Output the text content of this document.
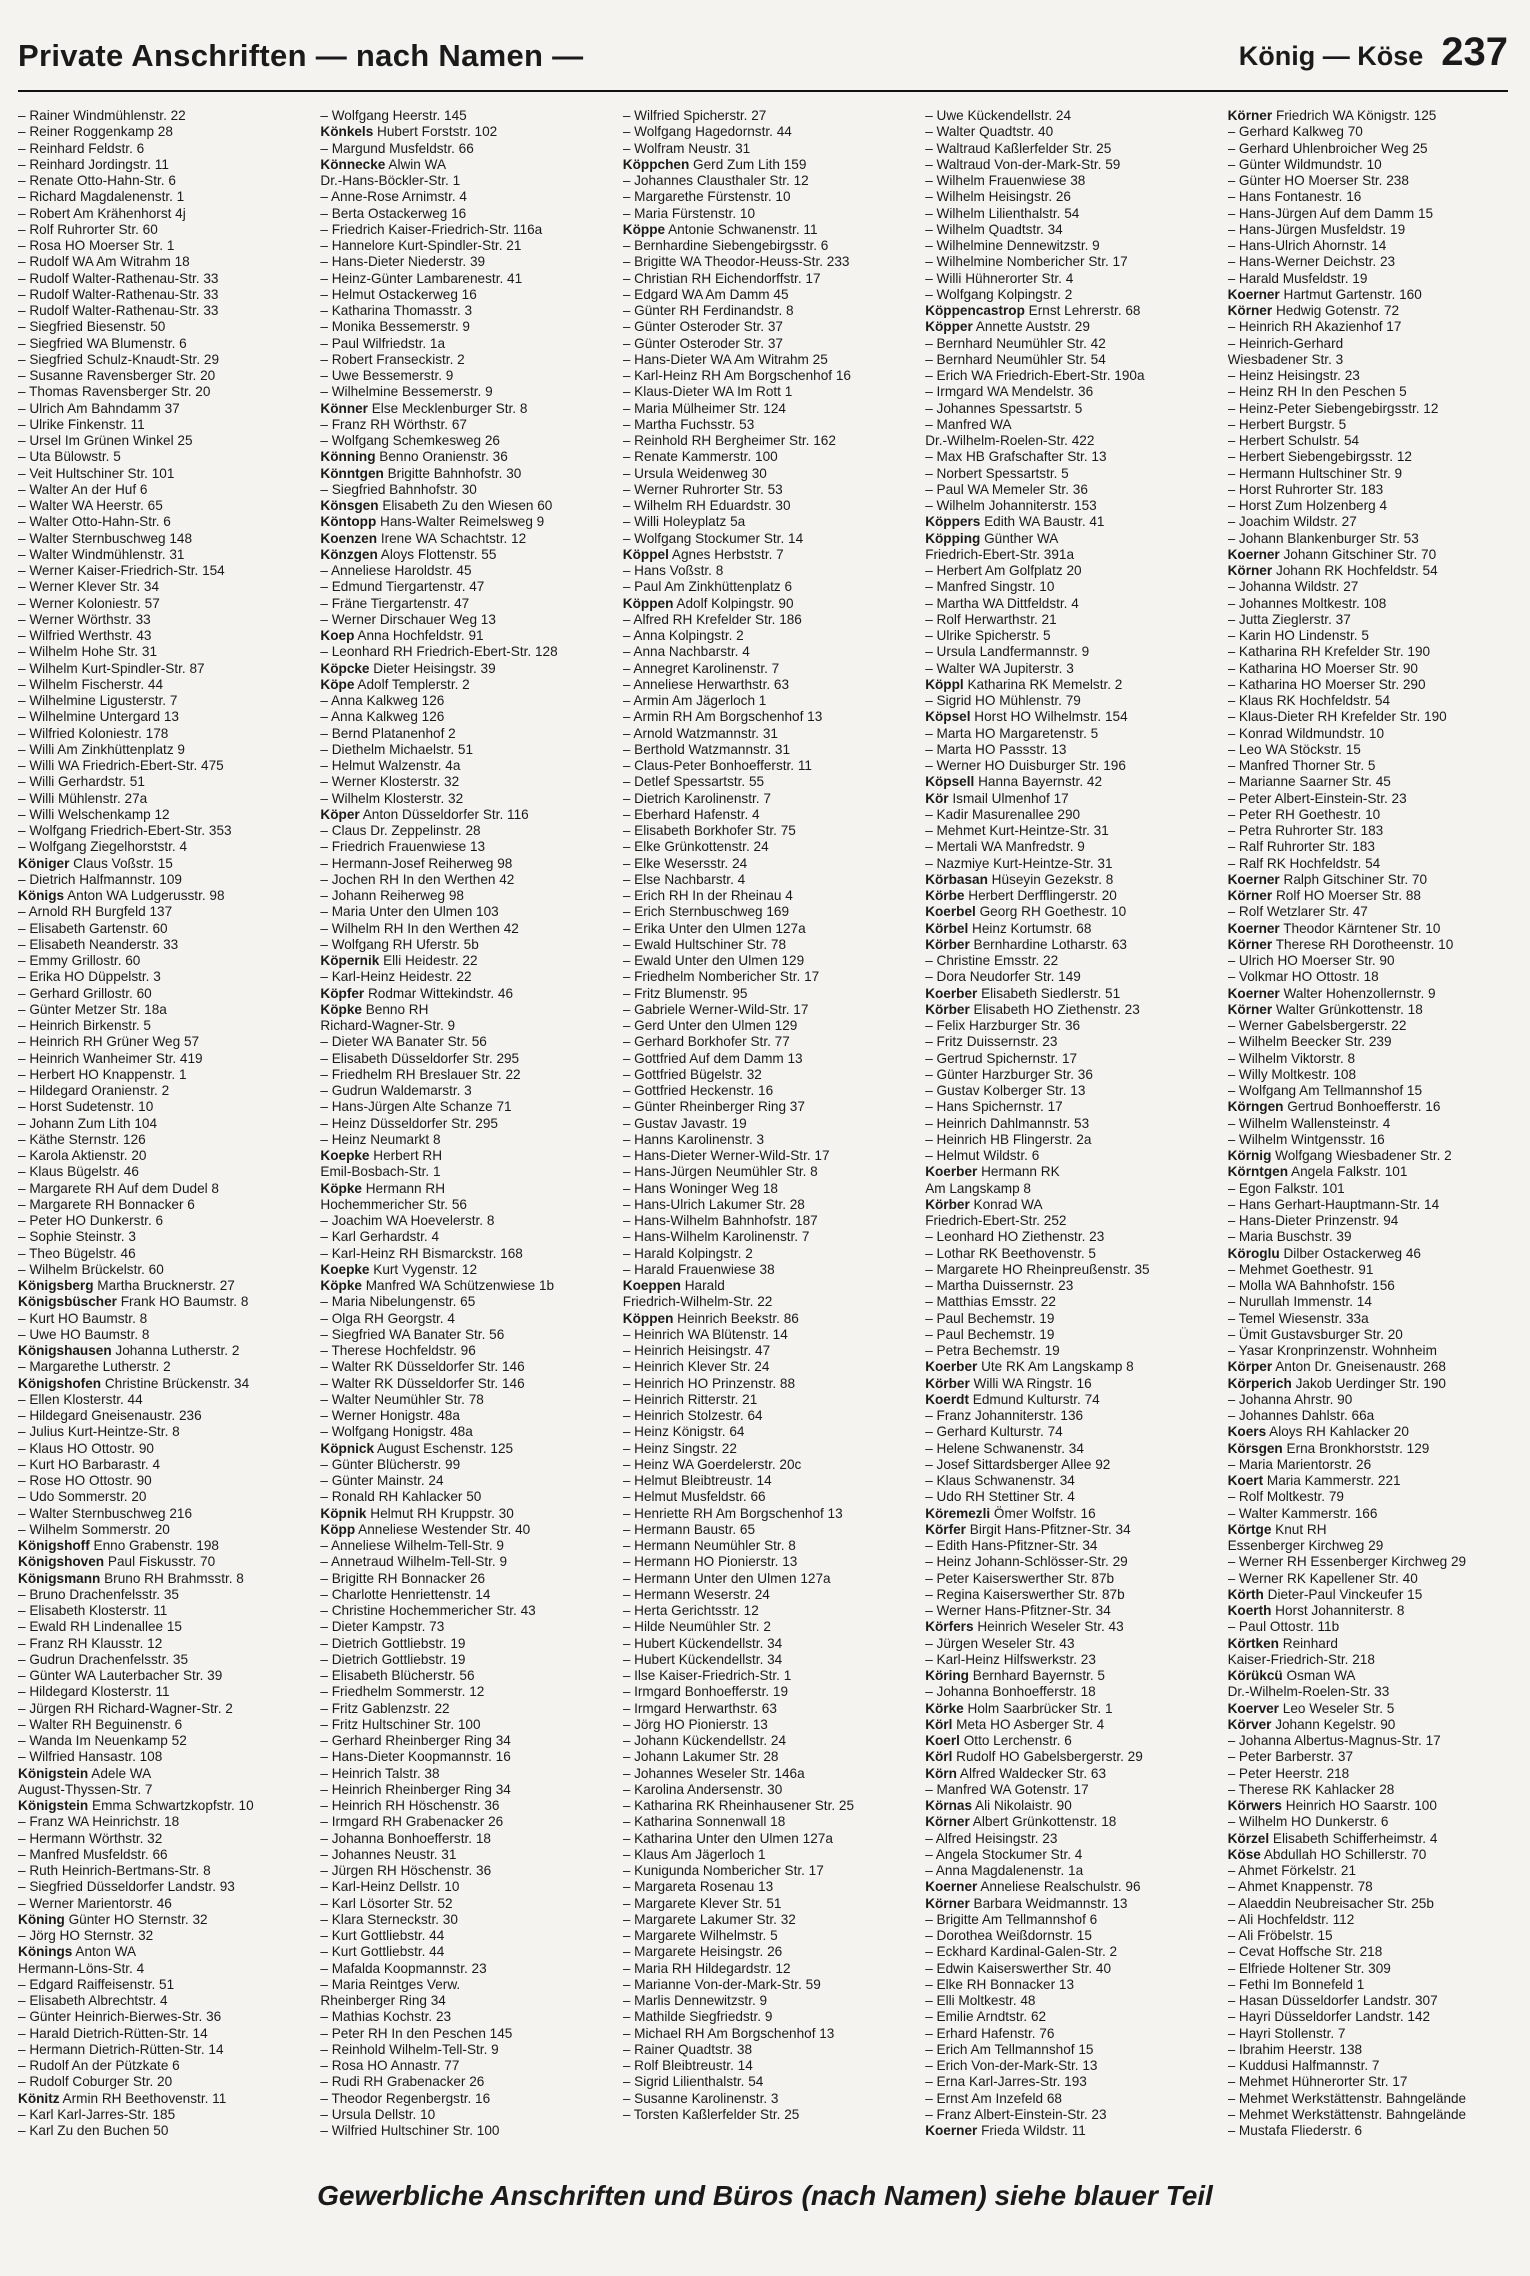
Private Anschriften — nach Namen —	König — Köse 237
– Rainer Windmühlenstr. 22
– Reiner Roggenkamp 28
– Reinhard Feldstr. 6
– Reinhard Jordingstr. 11
– Renate Otto-Hahn-Str. 6
– Richard Magdalenenstr. 1
– Robert Am Krähenhorst 4j
– Rolf Ruhrorter Str. 60
– Rosa HO Moerser Str. 1
– Rudolf WA Am Witrahm 18
– Rudolf Walter-Rathenau-Str. 33
– Rudolf Walter-Rathenau-Str. 33
– Rudolf Walter-Rathenau-Str. 33
– Siegfried Biesenstr. 50
– Siegfried WA Blumenstr. 6
– Siegfried Schulz-Knaudt-Str. 29
– Susanne Ravensberger Str. 20
– Thomas Ravensberger Str. 20
– Ulrich Am Bahndamm 37
– Ulrike Finkenstr. 11
– Ursel Im Grünen Winkel 25
– Uta Bülowstr. 5
– Veit Hultschiner Str. 101
– Walter An der Huf 6
– Walter WA Heerstr. 65
– Walter Otto-Hahn-Str. 6
– Walter Sternbuschweg 148
– Walter Windmühlenstr. 31
– Werner Kaiser-Friedrich-Str. 154
– Werner Klever Str. 34
– Werner Koloniestr. 57
– Werner Wörthstr. 33
– Wilfried Werthstr. 43
– Wilhelm Hohe Str. 31
– Wilhelm Kurt-Spindler-Str. 87
– Wilhelm Fischerstr. 44
– Wilhelmine Ligusterstr. 7
– Wilhelmine Untergard 13
– Wilfried Koloniestr. 178
– Willi Am Zinkhüttenplatz 9
– Willi WA Friedrich-Ebert-Str. 475
– Willi Gerhardstr. 51
– Willi Mühlenstr. 27a
– Willi Welschenkamp 12
– Wolfgang Friedrich-Ebert-Str. 353
– Wolfgang Ziegelhorststr. 4
Königer Claus Voßstr. 15
– Dietrich Halfmannstr. 109
Königs Anton WA Ludgerusstr. 98
– Arnold RH Burgfeld 137
– Elisabeth Gartenstr. 60
– Elisabeth Neanderstr. 33
– Emmy Grillostr. 60
– Erika HO Düppelstr. 3
– Gerhard Grillostr. 60
– Günter Metzer Str. 18a
– Heinrich Birkenstr. 5
– Heinrich RH Grüner Weg 57
– Heinrich Wanheimer Str. 419
– Herbert HO Knappenstr. 1
– Hildegard Oranienstr. 2
– Horst Sudetenstr. 10
– Johann Zum Lith 104
– Käthe Sternstr. 126
– Karola Aktienstr. 20
– Klaus Bügelstr. 46
– Margarete RH Auf dem Dudel 8
– Margarete RH Bonnacker 6
– Peter HO Dunkerstr. 6
– Sophie Steinstr. 3
– Theo Bügelstr. 46
– Wilhelm Brückelstr. 60
Königsberg Martha Brucknerstr. 27
Königsbüscher Frank HO Baumstr. 8
– Kurt HO Baumstr. 8
– Uwe HO Baumstr. 8
Königshausen Johanna Lutherstr. 2
– Margarethe Lutherstr. 2
Königshofen Christine Brückenstr. 34
– Ellen Klosterstr. 44
– Hildegard Gneisenaustr. 236
– Julius Kurt-Heintze-Str. 8
– Klaus HO Ottostr. 90
– Kurt HO Barbarastr. 4
– Rose HO Ottostr. 90
– Udo Sommerstr. 20
– Walter Sternbuschweg 216
– Wilhelm Sommerstr. 20
Königshoff Enno Grabenstr. 198
Königshoven Paul Fiskusstr. 70
Königsmann Bruno RH Brahmsstr. 8
– Bruno Drachenfelsstr. 35
– Elisabeth Klosterstr. 11
– Ewald RH Lindenallee 15
– Franz RH Klausstr. 12
– Gudrun Drachenfelsstr. 35
– Günter WA Lauterbacher Str. 39
– Hildegard Klosterstr. 11
– Jürgen RH Richard-Wagner-Str. 2
– Walter RH Beguinenstr. 6
– Wanda Im Neuenkamp 52
– Wilfried Hansastr. 108
Königstein Adele WA
August-Thyssen-Str. 7
Königstein Emma Schwartzkopfstr. 10
– Franz WA Heinrichstr. 18
– Hermann Wörthstr. 32
– Manfred Musfeldstr. 66
– Ruth Heinrich-Bertmans-Str. 8
– Siegfried Düsseldorfer Landstr. 93
– Werner Marientorstr. 46
Köning Günter HO Sternstr. 32
– Jörg HO Sternstr. 32
Könings Anton WA
Hermann-Löns-Str. 4
– Edgard Raiffeisenstr. 51
– Elisabeth Albrechtstr. 4
– Günter Heinrich-Bierwes-Str. 36
– Harald Dietrich-Rütten-Str. 14
– Hermann Dietrich-Rütten-Str. 14
– Rudolf An der Pützkate 6
– Rudolf Coburger Str. 20
Könitz Armin RH Beethovenstr. 11
– Karl Karl-Jarres-Str. 185
– Karl Zu den Buchen 50
– Wolfgang Heerstr. 145
Könkels Hubert Forststr. 102
– Margund Musfeldstr. 66
Könnecke Alwin WA
Dr.-Hans-Böckler-Str. 1
– Anne-Rose Arnimstr. 4
– Berta Ostackerweg 16
– Friedrich Kaiser-Friedrich-Str. 116a
– Hannelore Kurt-Spindler-Str. 21
– Hans-Dieter Niederstr. 39
– Heinz-Günter Lambarenestr. 41
– Helmut Ostackerweg 16
– Katharina Thomasstr. 3
– Monika Bessemerstr. 9
– Paul Wilfriedstr. 1a
– Robert Franseckistr. 2
– Uwe Bessemerstr. 9
– Wilhelmine Bessemerstr. 9
Könner Else Mecklenburger Str. 8
– Franz RH Wörthstr. 67
– Wolfgang Schemkesweg 26
Könning Benno Oranienstr. 36
Könntgen Brigitte Bahnhofstr. 30
– Siegfried Bahnhofstr. 30
Könsgen Elisabeth Zu den Wiesen 60
Köntopp Hans-Walter Reimelsweg 9
Koenzen Irene WA Schachtstr. 12
Könzgen Aloys Flottenstr. 55
– Anneliese Haroldstr. 45
– Edmund Tiergartenstr. 47
– Fräne Tiergartenstr. 47
– Werner Dirschauer Weg 13
Koep Anna Hochfeldstr. 91
– Leonhard RH Friedrich-Ebert-Str. 128
Köpcke Dieter Heisingstr. 39
Köpe Adolf Templerstr. 2
– Anna Kalkweg 126
– Anna Kalkweg 126
– Bernd Platanenhof 2
– Diethelm Michaelstr. 51
– Helmut Walzenstr. 4a
– Werner Klosterstr. 32
– Wilhelm Klosterstr. 32
Köper Anton Düsseldorfer Str. 116
– Claus Dr. Zeppelinstr. 28
– Friedrich Frauenwiese 13
– Hermann-Josef Reiherweg 98
– Jochen RH In den Werthen 42
– Johann Reiherweg 98
– Maria Unter den Ulmen 103
– Wilhelm RH In den Werthen 42
– Wolfgang RH Uferstr. 5b
Köpernik Elli Heidestr. 22
– Karl-Heinz Heidestr. 22
Köpfer Rodmar Wittekindstr. 46
Köpke Benno RH
Richard-Wagner-Str. 9
– Dieter WA Banater Str. 56
– Elisabeth Düsseldorfer Str. 295
– Friedhelm RH Breslauer Str. 22
– Gudrun Waldemarstr. 3
– Hans-Jürgen Alte Schanze 71
– Heinz Düsseldorfer Str. 295
– Heinz Neumarkt 8
Koepke Herbert RH
Emil-Bosbach-Str. 1
Köpke Hermann RH
Hochemmericher Str. 56
– Joachim WA Hoevelerstr. 8
– Karl Gerhardstr. 4
– Karl-Heinz RH Bismarckstr. 168
Koepke Kurt Vygenstr. 12
Köpke Manfred WA Schützenwiese 1b
– Maria Nibelungenstr. 65
– Olga RH Georgstr. 4
– Siegfried WA Banater Str. 56
– Therese Hochfeldstr. 96
– Walter RK Düsseldorfer Str. 146
– Walter RK Düsseldorfer Str. 146
– Walter Neumühler Str. 78
– Werner Honigstr. 48a
– Wolfgang Honigstr. 48a
Köpnick August Eschenstr. 125
– Günter Blücherstr. 99
– Günter Mainstr. 24
– Ronald RH Kahlacker 50
Köpnik Helmut RH Kruppstr. 30
Köpp Anneliese Westender Str. 40
– Anneliese Wilhelm-Tell-Str. 9
– Annetraud Wilhelm-Tell-Str. 9
– Brigitte RH Bonnacker 26
– Charlotte Henriettenstr. 14
– Christine Hochemmericher Str. 43
– Dieter Kampstr. 73
– Dietrich Gottliebstr. 19
– Dietrich Gottliebstr. 19
– Elisabeth Blücherstr. 56
– Friedhelm Sommerstr. 12
– Fritz Gablenzstr. 22
– Fritz Hultschiner Str. 100
– Gerhard Rheinberger Ring 34
– Hans-Dieter Koopmannstr. 16
– Heinrich Talstr. 38
– Heinrich Rheinberger Ring 34
– Heinrich RH Höschenstr. 36
– Irmgard RH Grabenacker 26
– Johanna Bonhoefferstr. 18
– Johannes Neustr. 31
– Jürgen RH Höschenstr. 36
– Karl-Heinz Dellstr. 10
– Karl Lösorter Str. 52
– Klara Sterneckstr. 30
– Kurt Gottliebstr. 44
– Kurt Gottliebstr. 44
– Mafalda Koopmannstr. 23
– Maria Reintges Verw.
Rheinberger Ring 34
– Mathias Kochstr. 23
– Peter RH In den Peschen 145
– Reinhold Wilhelm-Tell-Str. 9
– Rosa HO Annastr. 77
– Rudi RH Grabenacker 26
– Theodor Regenbergstr. 16
– Ursula Dellstr. 10
– Wilfried Hultschiner Str. 100
– Wilfried Spicherstr. 27
– Wolfgang Hagedornstr. 44
– Wolfram Neustr. 31
Köppchen Gerd Zum Lith 159
– Johannes Clausthaler Str. 12
– Margarethe Fürstenstr. 10
– Maria Fürstenstr. 10
Köppe Antonie Schwanenstr. 11
– Bernhardine Siebengebirgsstr. 6
– Brigitte WA Theodor-Heuss-Str. 233
– Christian RH Eichendorffstr. 17
– Edgard WA Am Damm 45
– Günter RH Ferdinandstr. 8
– Günter Osteroder Str. 37
– Günter Osteroder Str. 37
– Hans-Dieter WA Am Witrahm 25
– Karl-Heinz RH Am Borgschenhof 16
– Klaus-Dieter WA Im Rott 1
– Maria Mülheimer Str. 124
– Martha Fuchsstr. 53
– Reinhold RH Bergheimer Str. 162
– Renate Kammerstr. 100
– Ursula Weidenweg 30
– Werner Ruhrorter Str. 53
– Wilhelm RH Eduardstr. 30
– Willi Holeyplatz 5a
– Wolfgang Stockumer Str. 14
Köppel Agnes Herbststr. 7
– Hans Voßstr. 8
– Paul Am Zinkhüttenplatz 6
Köppen Adolf Kolpingstr. 90
– Alfred RH Krefelder Str. 186
– Anna Kolpingstr. 2
– Anna Nachbarstr. 4
– Annegret Karolinenstr. 7
– Anneliese Herwarthstr. 63
– Armin Am Jägerloch 1
– Armin RH Am Borgschenhof 13
– Arnold Watzmannstr. 31
– Berthold Watzmannstr. 31
– Claus-Peter Bonhoefferstr. 11
– Detlef Spessartstr. 55
– Dietrich Karolinenstr. 7
– Eberhard Hafenstr. 4
– Elisabeth Borkhofer Str. 75
– Elke Grünkottenstr. 24
– Elke Wesersstr. 24
– Else Nachbarstr. 4
– Erich RH In der Rheinau 4
– Erich Sternbuschweg 169
– Erika Unter den Ulmen 127a
– Ewald Hultschiner Str. 78
– Ewald Unter den Ulmen 129
– Friedhelm Nombericher Str. 17
– Fritz Blumenstr. 95
– Gabriele Werner-Wild-Str. 17
– Gerd Unter den Ulmen 129
– Gerhard Borkhofer Str. 77
– Gottfried Auf dem Damm 13
– Gottfried Bügelstr. 32
– Gottfried Heckenstr. 16
– Günter Rheinberger Ring 37
– Gustav Javastr. 19
– Hanns Karolinenstr. 3
– Hans-Dieter Werner-Wild-Str. 17
– Hans-Jürgen Neumühler Str. 8
– Hans Woninger Weg 18
– Hans-Ulrich Lakumer Str. 28
– Hans-Wilhelm Bahnhofstr. 187
– Hans-Wilhelm Karolinenstr. 7
– Harald Kolpingstr. 2
– Harald Frauenwiese 38
Koeppen Harald
Friedrich-Wilhelm-Str. 22
Köppen Heinrich Beekstr. 86
– Heinrich WA Blütenstr. 14
– Heinrich Heisingstr. 47
– Heinrich Klever Str. 24
– Heinrich HO Prinzenstr. 88
– Heinrich Ritterstr. 21
– Heinrich Stolzestr. 64
– Heinz Königstr. 64
– Heinz Singstr. 22
– Heinz WA Goerdelerstr. 20c
– Helmut Bleibtreustr. 14
– Helmut Musfeldstr. 66
– Henriette RH Am Borgschenhof 13
– Hermann Baustr. 65
– Hermann Neumühler Str. 8
– Hermann HO Pionierstr. 13
– Hermann Unter den Ulmen 127a
– Hermann Weserstr. 24
– Herta Gerichtsstr. 12
– Hilde Neumühler Str. 2
– Hubert Kückendellstr. 34
– Hubert Kückendellstr. 34
– Ilse Kaiser-Friedrich-Str. 1
– Irmgard Bonhoefferstr. 19
– Irmgard Herwarthstr. 63
– Jörg HO Pionierstr. 13
– Johann Kückendellstr. 24
– Johann Lakumer Str. 28
– Johannes Weseler Str. 146a
– Karolina Andersenstr. 30
– Katharina RK Rheinhausener Str. 25
– Katharina Sonnenwall 18
– Katharina Unter den Ulmen 127a
– Klaus Am Jägerloch 1
– Kunigunda Nombericher Str. 17
– Margareta Rosenau 13
– Margarete Klever Str. 51
– Margarete Lakumer Str. 32
– Margarete Wilhelmstr. 5
– Margarete Heisingstr. 26
– Maria RH Hildegardstr. 12
– Marianne Von-der-Mark-Str. 59
– Marlis Dennewitzstr. 9
– Mathilde Siegfriedstr. 9
– Michael RH Am Borgschenhof 13
– Rainer Quadtstr. 38
– Rolf Bleibtreustr. 14
– Sigrid Lilienthalstr. 54
– Susanne Karolinenstr. 3
– Torsten Kaßlerfelder Str. 25
– Uwe Kückendellstr. 24
– Walter Quadtstr. 40
– Waltraud Kaßlerfelder Str. 25
– Waltraud Von-der-Mark-Str. 59
– Wilhelm Frauenwiese 38
– Wilhelm Heisingstr. 26
– Wilhelm Lilienthalstr. 54
– Wilhelm Quadtstr. 34
– Wilhelmine Dennewitzstr. 9
– Wilhelmine Nombericher Str. 17
– Willi Hühnerorter Str. 4
– Wolfgang Kolpingstr. 2
Köppencastrop Ernst Lehrerstr. 68
Köpper Annette Auststr. 29
– Bernhard Neumühler Str. 42
– Bernhard Neumühler Str. 54
– Erich WA Friedrich-Ebert-Str. 190a
– Irmgard WA Mendelstr. 36
– Johannes Spessartstr. 5
– Manfred WA
Dr.-Wilhelm-Roelen-Str. 422
– Max HB Grafschafter Str. 13
– Norbert Spessartstr. 5
– Paul WA Memeler Str. 36
– Wilhelm Johanniterstr. 153
Köppers Edith WA Baustr. 41
Köpping Günther WA
Friedrich-Ebert-Str. 391a
– Herbert Am Golfplatz 20
– Manfred Singstr. 10
– Martha WA Dittfeldstr. 4
– Rolf Herwarthstr. 21
– Ulrike Spicherstr. 5
– Ursula Landfermannstr. 9
– Walter WA Jupiterstr. 3
Köppl Katharina RK Memelstr. 2
– Sigrid HO Mühlenstr. 79
Köpsel Horst HO Wilhelmstr. 154
– Marta HO Margaretenstr. 5
– Marta HO Passstr. 13
– Werner HO Duisburger Str. 196
Köpsell Hanna Bayernstr. 42
Kör Ismail Ulmenhof 17
– Kadir Masurenallee 290
– Mehmet Kurt-Heintze-Str. 31
– Mertali WA Manfredstr. 9
– Nazmiye Kurt-Heintze-Str. 31
Körbasan Hüseyin Gezekstr. 8
Körbe Herbert Derfflingerstr. 20
Koerbel Georg RH Goethestr. 10
Körbel Heinz Kortumstr. 68
Körber Bernhardine Lotharstr. 63
– Christine Emsstr. 22
– Dora Neudorfer Str. 149
Koerber Elisabeth Siedlerstr. 51
Körber Elisabeth HO Ziethenstr. 23
– Felix Harzburger Str. 36
– Fritz Duissernstr. 23
– Gertrud Spichernstr. 17
– Günter Harzburger Str. 36
– Gustav Kolberger Str. 13
– Hans Spichernstr. 17
– Heinrich Dahlmannstr. 53
– Heinrich HB Flingerstr. 2a
– Helmut Wildstr. 6
Koerber Hermann RK
Am Langskamp 8
Körber Konrad WA
Friedrich-Ebert-Str. 252
– Leonhard HO Ziethenstr. 23
– Lothar RK Beethovenstr. 5
– Margarete HO Rheinpreußenstr. 35
– Martha Duissernstr. 23
– Matthias Emsstr. 22
– Paul Bechemstr. 19
– Paul Bechemstr. 19
– Petra Bechemstr. 19
Koerber Ute RK Am Langskamp 8
Körber Willi WA Ringstr. 16
Koerdt Edmund Kulturstr. 74
– Franz Johanniterstr. 136
– Gerhard Kulturstr. 74
– Helene Schwanenstr. 34
– Josef Sittardsberger Allee 92
– Klaus Schwanenstr. 34
– Udo RH Stettiner Str. 4
Köremezli Ömer Wolfstr. 16
Körfer Birgit Hans-Pfitzner-Str. 34
– Edith Hans-Pfitzner-Str. 34
– Heinz Johann-Schlösser-Str. 29
– Peter Kaiserswerther Str. 87b
– Regina Kaiserswerther Str. 87b
– Werner Hans-Pfitzner-Str. 34
Körfers Heinrich Weseler Str. 43
– Jürgen Weseler Str. 43
– Karl-Heinz Hilfswerkstr. 23
Köring Bernhard Bayernstr. 5
– Johanna Bonhoefferstr. 18
Körke Holm Saarbrücker Str. 1
Körl Meta HO Asberger Str. 4
Koerl Otto Lerchenstr. 6
Körl Rudolf HO Gabelsbergerstr. 29
Körn Alfred Waldecker Str. 63
– Manfred WA Gotenstr. 17
Körnas Ali Nikolaistr. 90
Körner Albert Grünkottenstr. 18
– Alfred Heisingstr. 23
– Angela Stockumer Str. 4
– Anna Magdalenenstr. 1a
Koerner Anneliese Realschulstr. 96
Körner Barbara Weidmannstr. 13
– Brigitte Am Tellmannshof 6
– Dorothea Weißdornstr. 15
– Eckhard Kardinal-Galen-Str. 2
– Edwin Kaiserswerther Str. 40
– Elke RH Bonnacker 13
– Elli Moltkestr. 48
– Emilie Arndtstr. 62
– Erhard Hafenstr. 76
– Erich Am Tellmannshof 15
– Erich Von-der-Mark-Str. 13
– Erna Karl-Jarres-Str. 193
– Ernst Am Inzefeld 68
– Franz Albert-Einstein-Str. 23
Koerner Frieda Wildstr. 11
Körner Friedrich WA Königstr. 125
– Gerhard Kalkweg 70
– Gerhard Uhlenbroicher Weg 25
– Günter Wildmundstr. 10
– Günter HO Moerser Str. 238
– Hans Fontanestr. 16
– Hans-Jürgen Auf dem Damm 15
– Hans-Jürgen Musfeldstr. 19
– Hans-Ulrich Ahornstr. 14
– Hans-Werner Deichstr. 23
– Harald Musfeldstr. 19
Koerner Hartmut Gartenstr. 160
Körner Hedwig Gotenstr. 72
– Heinrich RH Akazienhof 17
– Heinrich-Gerhard
Wiesbadener Str. 3
– Heinz Heisingstr. 23
– Heinz RH In den Peschen 5
– Heinz-Peter Siebengebirgsstr. 12
– Herbert Burgstr. 5
– Herbert Schulstr. 54
– Herbert Siebengebirgsstr. 12
– Hermann Hultschiner Str. 9
– Horst Ruhrorter Str. 183
– Horst Zum Holzenberg 4
– Joachim Wildstr. 27
– Johann Blankenburger Str. 53
Koerner Johann Gitschiner Str. 70
Körner Johann RK Hochfeldstr. 54
– Johanna Wildstr. 27
– Johannes Moltkestr. 108
– Jutta Zieglerstr. 37
– Karin HO Lindenstr. 5
– Katharina RH Krefelder Str. 190
– Katharina HO Moerser Str. 90
– Katharina HO Moerser Str. 290
– Klaus RK Hochfeldstr. 54
– Klaus-Dieter RH Krefelder Str. 190
– Konrad Wildmundstr. 10
– Leo WA Stöckstr. 15
– Manfred Thorner Str. 5
– Marianne Saarner Str. 45
– Peter Albert-Einstein-Str. 23
– Peter RH Goethestr. 10
– Petra Ruhrorter Str. 183
– Ralf Ruhrorter Str. 183
– Ralf RK Hochfeldstr. 54
Koerner Ralph Gitschiner Str. 70
Körner Rolf HO Moerser Str. 88
– Rolf Wetzlarer Str. 47
Koerner Theodor Kärntener Str. 10
Körner Therese RH Dorotheenstr. 10
– Ulrich HO Moerser Str. 90
– Volkmar HO Ottostr. 18
Koerner Walter Hohenzollernstr. 9
Körner Walter Grünkottenstr. 18
– Werner Gabelsbergerstr. 22
– Wilhelm Beecker Str. 239
– Wilhelm Viktorstr. 8
– Willy Moltkestr. 108
– Wolfgang Am Tellmannshof 15
Körngen Gertrud Bonhoefferstr. 16
– Wilhelm Wallensteinstr. 4
– Wilhelm Wintgensstr. 16
Körnig Wolfgang Wiesbadener Str. 2
Körntgen Angela Falkstr. 101
– Egon Falkstr. 101
– Hans Gerhart-Hauptmann-Str. 14
– Hans-Dieter Prinzenstr. 94
– Maria Buschstr. 39
Köroglu Dilber Ostackerweg 46
– Mehmet Goethestr. 91
– Molla WA Bahnhofstr. 156
– Nurullah Immenstr. 14
– Temel Wiesenstr. 33a
– Ümit Gustavsburger Str. 20
– Yasar Kronprinzenstr. Wohnheim
Körper Anton Dr. Gneisenaustr. 268
Körperich Jakob Uerdinger Str. 190
– Johanna Ahrstr. 90
– Johannes Dahlstr. 66a
Koers Aloys RH Kahlacker 20
Körsgen Erna Bronkhorststr. 129
– Maria Marientorstr. 26
Koert Maria Kammerstr. 221
– Rolf Moltkestr. 79
– Walter Kammerstr. 166
Körtge Knut RH
Essenberger Kirchweg 29
– Werner RH Essenberger Kirchweg 29
– Werner RK Kapellener Str. 40
Körth Dieter-Paul Vinckeufer 15
Koerth Horst Johanniterstr. 8
– Paul Ottostr. 11b
Körtken Reinhard
Kaiser-Friedrich-Str. 218
Körükcü Osman WA
Dr.-Wilhelm-Roelen-Str. 33
Koerver Leo Weseler Str. 5
Körver Johann Kegelstr. 90
– Johanna Albertus-Magnus-Str. 17
– Peter Barberstr. 37
– Peter Heerstr. 218
– Therese RK Kahlacker 28
Körwers Heinrich HO Saarstr. 100
– Wilhelm HO Dunkerstr. 6
Körzel Elisabeth Schifferheimstr. 4
Köse Abdullah HO Schillerstr. 70
– Ahmet Förkelstr. 21
– Ahmet Knappenstr. 78
– Alaeddin Neubreisacher Str. 25b
– Ali Hochfeldstr. 112
– Ali Fröbelstr. 15
– Cevat Hoffsche Str. 218
– Elfriede Holtener Str. 309
– Fethi Im Bonnefeld 1
– Hasan Düsseldorfer Landstr. 307
– Hayri Düsseldorfer Landstr. 142
– Hayri Stollenstr. 7
– Ibrahim Heerstr. 138
– Kuddusi Halfmannstr. 7
– Mehmet Hühnerorter Str. 17
– Mehmet Werkstättenstr. Bahngelände
– Mehmet Werkstättenstr. Bahngelände
– Mustafa Fliederstr. 6
Gewerbliche Anschriften und Büros (nach Namen) siehe blauer Teil
